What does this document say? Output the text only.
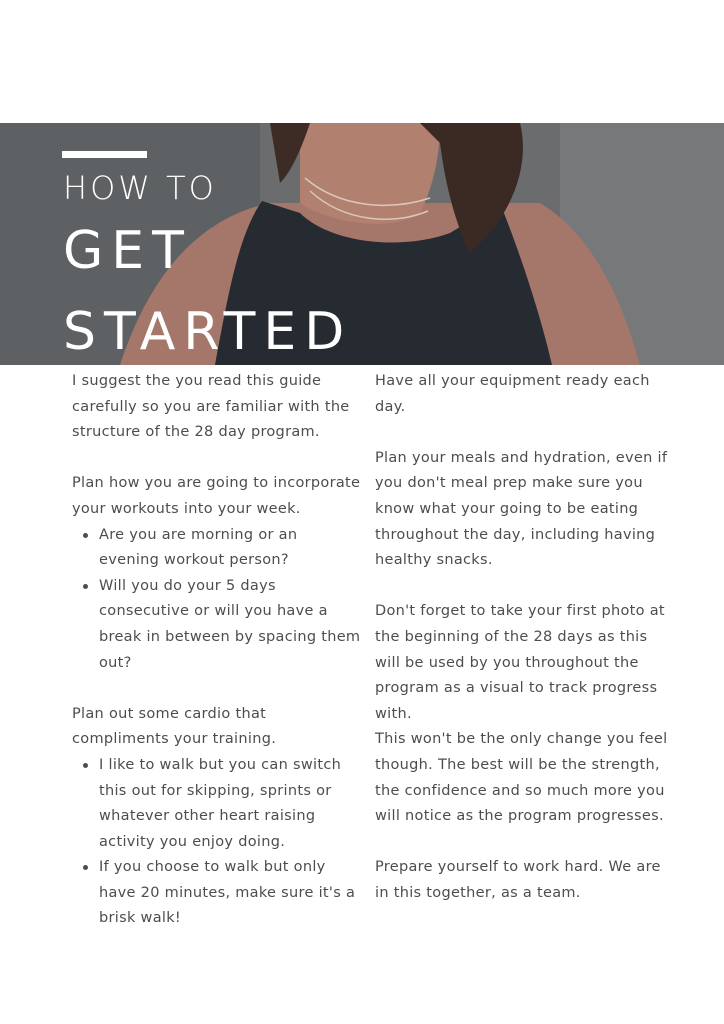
HOW TO
GET
STARTED

I suggest the you read this guide carefully so you are familiar with the structure of the 28 day program.

Plan how you are going to incorporate your workouts into your week.

Are you are morning or an evening workout person?
Will you do your 5 days consecutive or will you have a break in between by spacing them out?

Plan out some cardio that compliments your training.

I like to walk but you can switch this out for skipping, sprints or whatever other heart raising activity you enjoy doing.
If you choose to walk but only have 20 minutes, make sure it's a brisk walk!

Have all your equipment ready each day.

Plan your meals and hydration, even if you don't meal prep make sure you know what your going to be eating throughout the day, including having healthy snacks.

Don't forget to take your first photo at the beginning of the 28 days as this will be used by you throughout the program as a visual to track progress with.

This won't be the only change you feel though. The best will be the strength, the confidence and so much more you will notice as the program progresses.

Prepare yourself to work hard. We are in this together, as a team.
